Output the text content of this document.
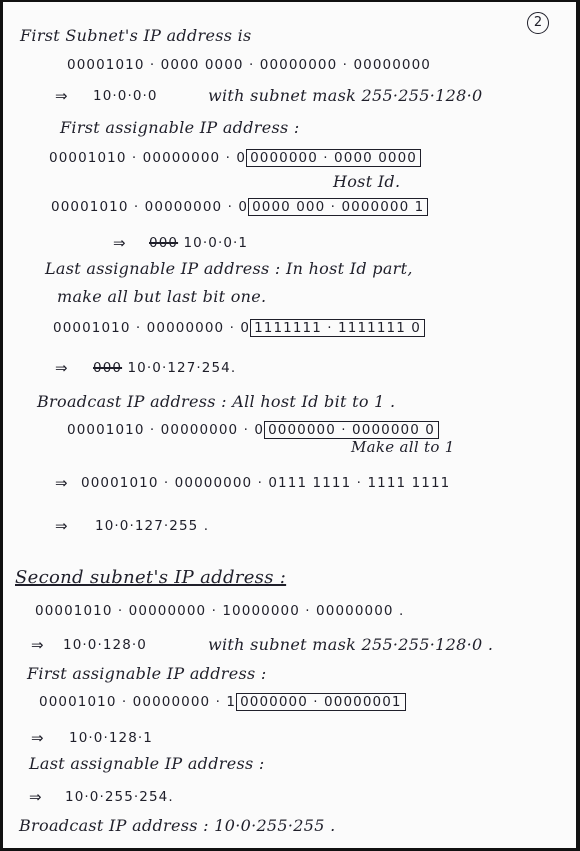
2
First Subnet's IP address is
00001010 · 0000 0000 · 00000000 · 00000000
⇒ 10·0·0·0	with subnet mask 255·255·128·0
First assignable IP address :
00001010 · 00000000 · 0 0000000 · 0000 0000
Host Id.
00001010 · 00000000 · 0 0000 000 · 0000000 1
⇒ 000 10·0·0·1
Last assignable IP address : In host Id part,
make all but last bit one.
00001010 · 00000000 · 0 1111111 · 1111111 0
⇒ 000 10·0·127·254.
Broadcast IP address : All host Id bit to 1 .
00001010 · 00000000 · 0 0000000 · 0000000 0
Make all to 1
⇒ 00001010 · 00000000 · 0111 1111 · 1111 1111
⇒ 10·0·127·255 .
Second subnet's IP address :
00001010 · 00000000 · 10000000 · 00000000 .
⇒ 10·0·128·0	with subnet mask 255·255·128·0 .
First assignable IP address :
00001010 · 00000000 · 1 0000000 · 00000001
⇒ 10·0·128·1
Last assignable IP address :
⇒ 10·0·255·254.
Broadcast IP address : 10·0·255·255 .
